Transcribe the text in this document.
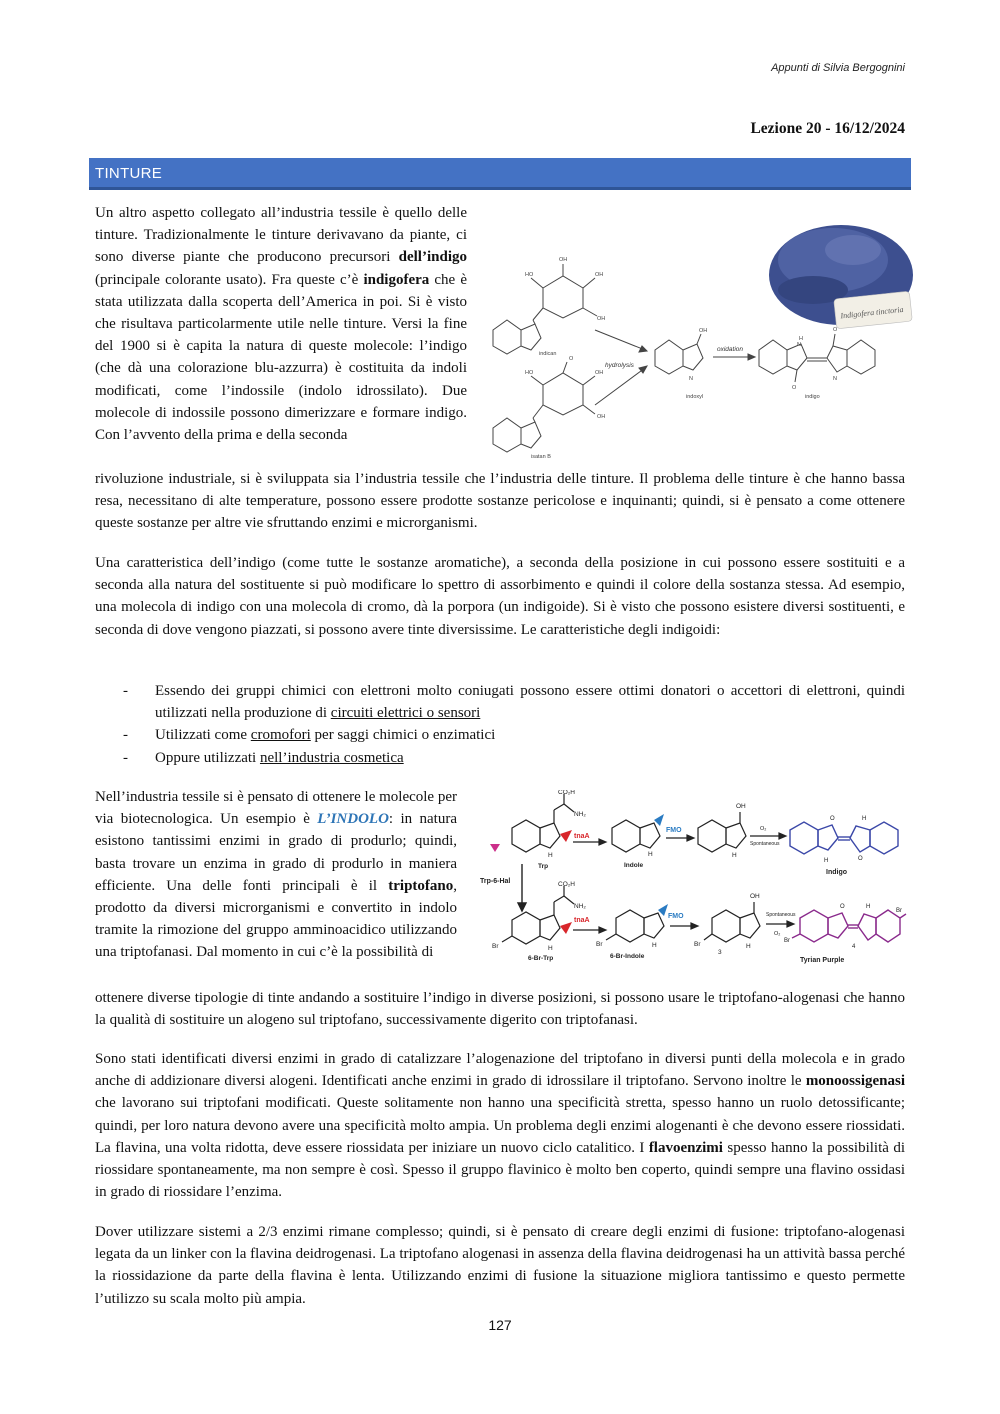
Appunti di Silvia Bergognini
Lezione 20 - 16/12/2024
TINTURE
Un altro aspetto collegato all’industria tessile è quello delle tinture. Tradizionalmente le tinture derivavano da piante, ci sono diverse piante che producono precursori dell’indigo (principale colorante usato). Fra queste c’è indigofera che è stata utilizzata dalla scoperta dell’America in poi. Si è visto che risultava particolarmente utile nelle tinture. Versi la fine del 1900 si è capita la natura di queste molecole: l’indigo (che dà una colorazione blu-azzurra) è costituita da indoli modificati, come l’indossile (indolo idrossilato). Due molecole di indossile possono dimerizzare e formare indigo. Con l’avvento della prima e della seconda
rivoluzione industriale, si è sviluppata sia l’industria tessile che l’industria delle tinture. Il problema delle tinture è che hanno bassa resa, necessitano di alte temperature, possono essere prodotte sostanze pericolose e inquinanti; quindi, si è pensato a come ottenere queste sostanze per altre vie sfruttando enzimi e microrganismi.
Indigofera tinctoria
HO
OH
OH
OH
indican
HO
O
OH
OH
isatan B
hydrolysis
OH
N
indoxyl
oxidation
H
N
O
O
N
indigo
Una caratteristica dell’indigo (come tutte le sostanze aromatiche), a seconda della posizione in cui possono essere sostituiti e a seconda alla natura del sostituente si può modificare lo spettro di assorbimento e quindi il colore della sostanza stessa. Ad esempio, una molecola di indigo con una molecola di cromo, dà la porpora (un indigoide). Si è visto che possono esistere diversi sostituenti, e seconda di dove vengono piazzati, si possono avere tinte diversissime. Le caratteristiche degli indigoidi:
- Essendo dei gruppi chimici con elettroni molto coniugati possono essere ottimi donatori o accettori di elettroni, quindi utilizzati nella produzione di circuiti elettrici o sensori
- Utilizzati come cromofori per saggi chimici o enzimatici
- Oppure utilizzati nell’industria cosmetica
Nell’industria tessile si è pensato di ottenere le molecole per via biotecnologica. Un esempio è L’INDOLO: in natura esistono tantissimi enzimi in grado di produrlo; quindi, basta trovare un enzima in grado di produrlo in maniera efficiente. Una delle fonti principali è il triptofano, prodotto da diversi microrganismi e convertito in indolo tramite la rimozione del gruppo amminoacidico utilizzando una triptofanasi. Dal momento in cui c’è la possibilità di
ottenere diverse tipologie di tinte andando a sostituire l’indigo in diverse posizioni, si possono usare le triptofano-alogenasi che hanno la qualità di sostituire un alogeno sul triptofano, successivamente digerito con triptofanasi.
CO₂H
NH₂
H
Trp
tnaA
Indole
H
FMO
OH
H
O₂
Spontaneous
O
H	O
H
Indigo
Trp-6-Hal	CO₂H
NH₂
Br	H
6-Br-Trp
tnaA
Br	H
6-Br-Indole
FMO
OH
Br
3
H
Spontaneous
O₂
O
Br
Br
4
H
Tyrian Purple
Sono stati identificati diversi enzimi in grado di catalizzare l’alogenazione del triptofano in diversi punti della molecola e in grado anche di addizionare diversi alogeni. Identificati anche enzimi in grado di idrossilare il triptofano. Servono inoltre le monoossigenasi che lavorano sui triptofani modificati. Queste solitamente non hanno una specificità stretta, spesso hanno un ruolo detossificante; quindi, per loro natura devono avere una specificità molto ampia. Un problema degli enzimi alogenanti è che devono essere riossidati. La flavina, una volta ridotta, deve essere riossidata per iniziare un nuovo ciclo catalitico. I flavoenzimi spesso hanno la possibilità di riossidare spontaneamente, ma non sempre è così. Spesso il gruppo flavinico è molto ben coperto, quindi sempre una flavino ossidasi in grado di riossidare l’enzima.
Dover utilizzare sistemi a 2/3 enzimi rimane complesso; quindi, si è pensato di creare degli enzimi di fusione: triptofano-alogenasi legata da un linker con la flavina deidrogenasi. La triptofano alogenasi in assenza della flavina deidrogenasi ha un attività bassa perché la riossidazione da parte della flavina è lenta. Utilizzando enzimi di fusione la situazione migliora tantissimo e questo permette l’utilizzo su scala molto più ampia.
127
